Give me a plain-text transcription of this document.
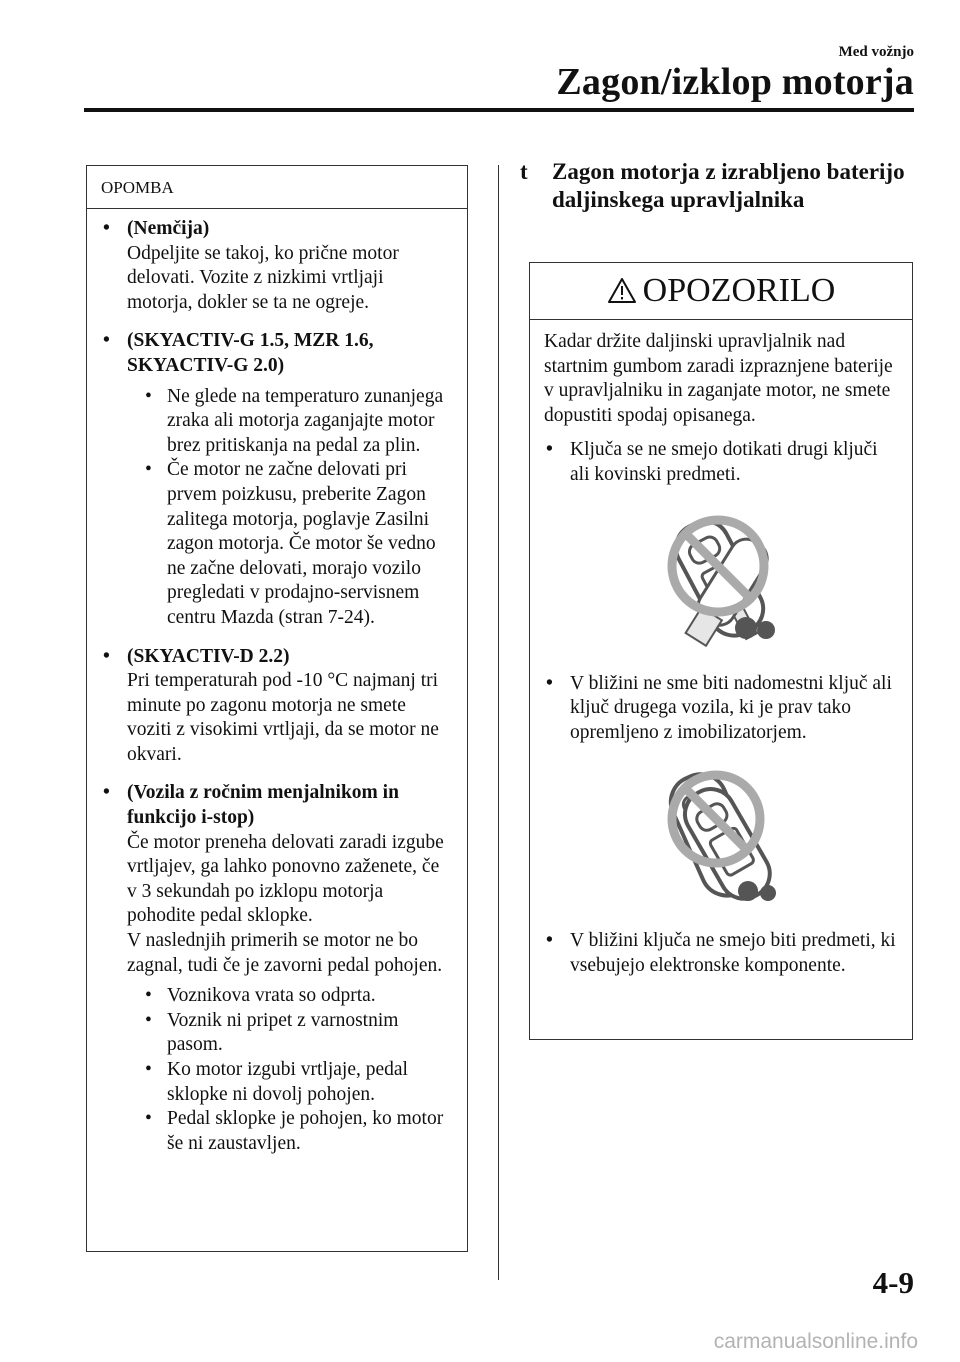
Med vožnjo
Zagon/izklop motorja
OPOMBA
• (Nemčija)
Odpeljite se takoj, ko prične motor delovati. Vozite z nizkimi vrtljaji motorja, dokler se ta ne ogreje.
• (SKYACTIV-G 1.5, MZR 1.6, SKYACTIV-G 2.0)
• Ne glede na temperaturo zunanjega zraka ali motorja zaganjajte motor brez pritiskanja na pedal za plin.
• Če motor ne začne delovati pri prvem poizkusu, preberite Zagon zalitega motorja, poglavje Zasilni zagon motorja. Če motor še vedno ne začne delovati, morajo vozilo pregledati v prodajno-servisnem centru Mazda (stran 7-24).
• (SKYACTIV-D 2.2)
Pri temperaturah pod -10 °C najmanj tri minute po zagonu motorja ne smete voziti z visokimi vrtljaji, da se motor ne okvari.
• (Vozila z ročnim menjalnikom in funkcijo i-stop)
Če motor preneha delovati zaradi izgube vrtljajev, ga lahko ponovno zaženete, če v 3 sekundah po izklopu motorja pohodite pedal sklopke.
V naslednjih primerih se motor ne bo zagnal, tudi če je zavorni pedal pohojen.
• Voznikova vrata so odprta.
• Voznik ni pripet z varnostnim pasom.
• Ko motor izgubi vrtljaje, pedal sklopke ni dovolj pohojen.
• Pedal sklopke je pohojen, ko motor še ni zaustavljen.
t	Zagon motorja z izrabljeno baterijo daljinskega upravljalnika
OPOZORILO
Kadar držite daljinski upravljalnik nad startnim gumbom zaradi izpraznjene baterije v upravljalniku in zaganjate motor, ne smete dopustiti spodaj opisanega.
• Ključa se ne smejo dotikati drugi ključi ali kovinski predmeti.
• V bližini ne sme biti nadomestni ključ ali ključ drugega vozila, ki je prav tako opremljeno z imobilizatorjem.
• V bližini ključa ne smejo biti predmeti, ki vsebujejo elektronske komponente.
4-9
carmanualsonline.info
